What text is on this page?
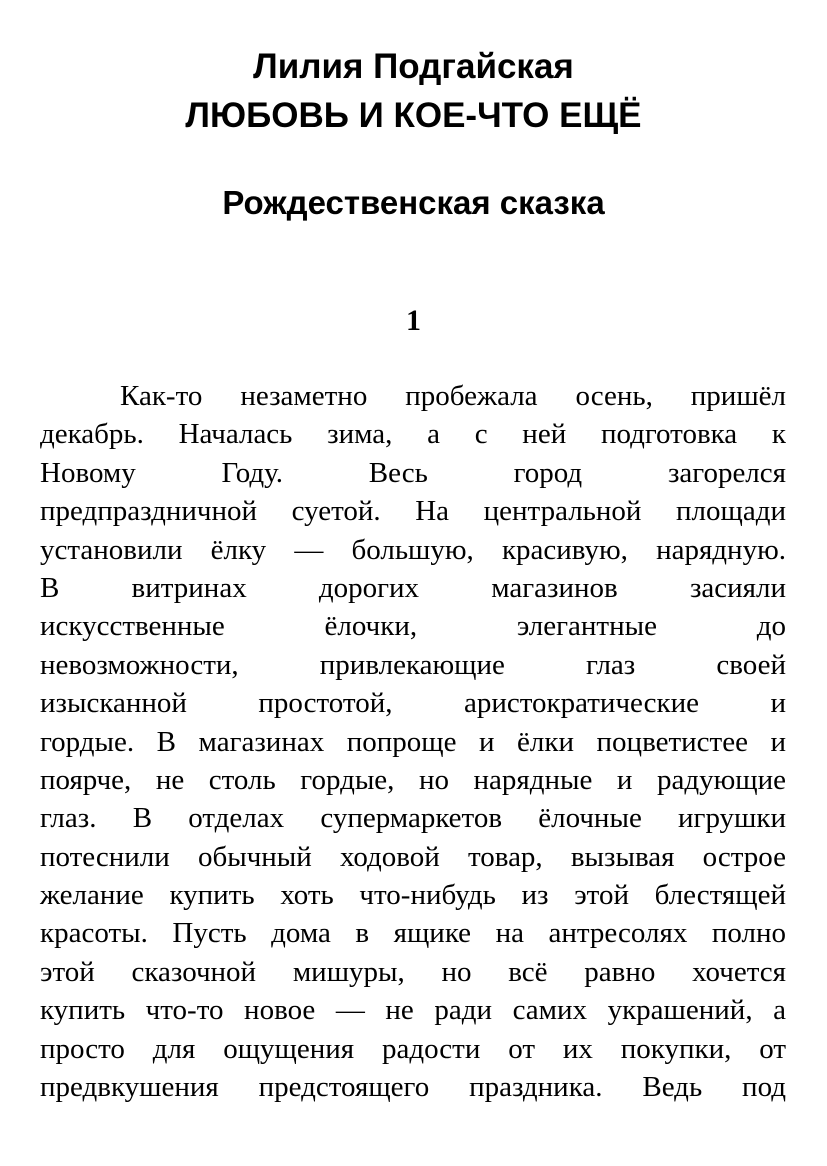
Лилия Подгайская
ЛЮБОВЬ И КОЕ-ЧТО ЕЩЁ
Рождественская сказка
1
Как-то незаметно пробежала осень, пришёл
декабрь. Началась зима, а с ней подготовка к
Новому Году. Весь город загорелся
предпраздничной суетой. На центральной площади
установили ёлку — большую, красивую, нарядную.
В витринах дорогих магазинов засияли
искусственные ёлочки, элегантные до
невозможности, привлекающие глаз своей
изысканной простотой, аристократические и
гордые. В магазинах попроще и ёлки поцветистее и
поярче, не столь гордые, но нарядные и радующие
глаз. В отделах супермаркетов ёлочные игрушки
потеснили обычный ходовой товар, вызывая острое
желание купить хоть что-нибудь из этой блестящей
красоты. Пусть дома в ящике на антресолях полно
этой сказочной мишуры, но всё равно хочется
купить что-то новое — не ради самих украшений, а
просто для ощущения радости от их покупки, от
предвкушения предстоящего праздника. Ведь под
